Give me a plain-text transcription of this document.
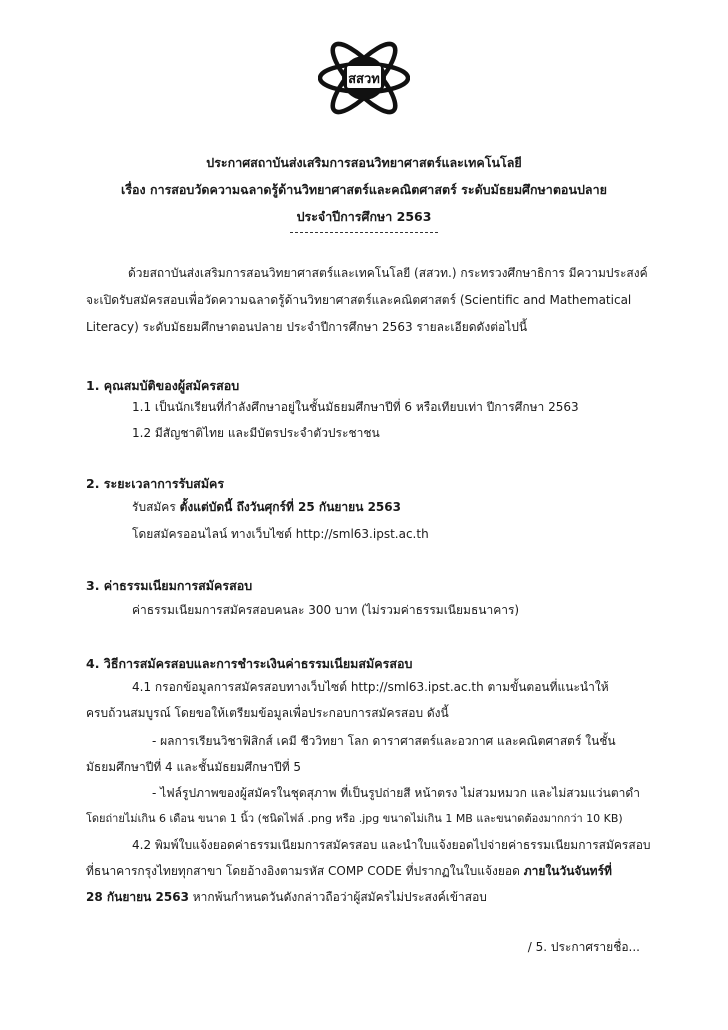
สสวท
ประกาศสถาบันส่งเสริมการสอนวิทยาศาสตร์และเทคโนโลยี
เรื่อง การสอบวัดความฉลาดรู้ด้านวิทยาศาสตร์และคณิตศาสตร์ ระดับมัธยมศึกษาตอนปลาย
ประจำปีการศึกษา 2563
ด้วยสถาบันส่งเสริมการสอนวิทยาศาสตร์และเทคโนโลยี (สสวท.) กระทรวงศึกษาธิการ มีความประสงค์
จะเปิดรับสมัครสอบเพื่อวัดความฉลาดรู้ด้านวิทยาศาสตร์และคณิตศาสตร์ (Scientific and Mathematical
Literacy) ระดับมัธยมศึกษาตอนปลาย ประจำปีการศึกษา 2563 รายละเอียดดังต่อไปนี้
1. คุณสมบัติของผู้สมัครสอบ
1.1 เป็นนักเรียนที่กำลังศึกษาอยู่ในชั้นมัธยมศึกษาปีที่ 6 หรือเทียบเท่า ปีการศึกษา 2563
1.2 มีสัญชาติไทย และมีบัตรประจำตัวประชาชน
2. ระยะเวลาการรับสมัคร
รับสมัคร ตั้งแต่บัดนี้ ถึงวันศุกร์ที่ 25 กันยายน 2563
โดยสมัครออนไลน์ ทางเว็บไซต์ http://sml63.ipst.ac.th
3. ค่าธรรมเนียมการสมัครสอบ
ค่าธรรมเนียมการสมัครสอบคนละ 300 บาท (ไม่รวมค่าธรรมเนียมธนาคาร)
4. วิธีการสมัครสอบและการชำระเงินค่าธรรมเนียมสมัครสอบ
4.1 กรอกข้อมูลการสมัครสอบทางเว็บไซต์ http://sml63.ipst.ac.th ตามขั้นตอนที่แนะนำให้
ครบถ้วนสมบูรณ์ โดยขอให้เตรียมข้อมูลเพื่อประกอบการสมัครสอบ ดังนี้
- ผลการเรียนวิชาฟิสิกส์ เคมี ชีววิทยา โลก ดาราศาสตร์และอวกาศ และคณิตศาสตร์ ในชั้น
มัธยมศึกษาปีที่ 4 และชั้นมัธยมศึกษาปีที่ 5
- ไฟล์รูปภาพของผู้สมัครในชุดสุภาพ ที่เป็นรูปถ่ายสี หน้าตรง ไม่สวมหมวก และไม่สวมแว่นตาดำ
โดยถ่ายไม่เกิน 6 เดือน ขนาด 1 นิ้ว (ชนิดไฟล์ .png หรือ .jpg ขนาดไม่เกิน 1 MB และขนาดต้องมากกว่า 10 KB)
4.2 พิมพ์ใบแจ้งยอดค่าธรรมเนียมการสมัครสอบ และนำใบแจ้งยอดไปจ่ายค่าธรรมเนียมการสมัครสอบ
ที่ธนาคารกรุงไทยทุกสาขา โดยอ้างอิงตามรหัส COMP CODE ที่ปรากฏในใบแจ้งยอด ภายในวันจันทร์ที่
28 กันยายน 2563 หากพ้นกำหนดวันดังกล่าวถือว่าผู้สมัครไม่ประสงค์เข้าสอบ
/ 5. ประกาศรายชื่อ...
